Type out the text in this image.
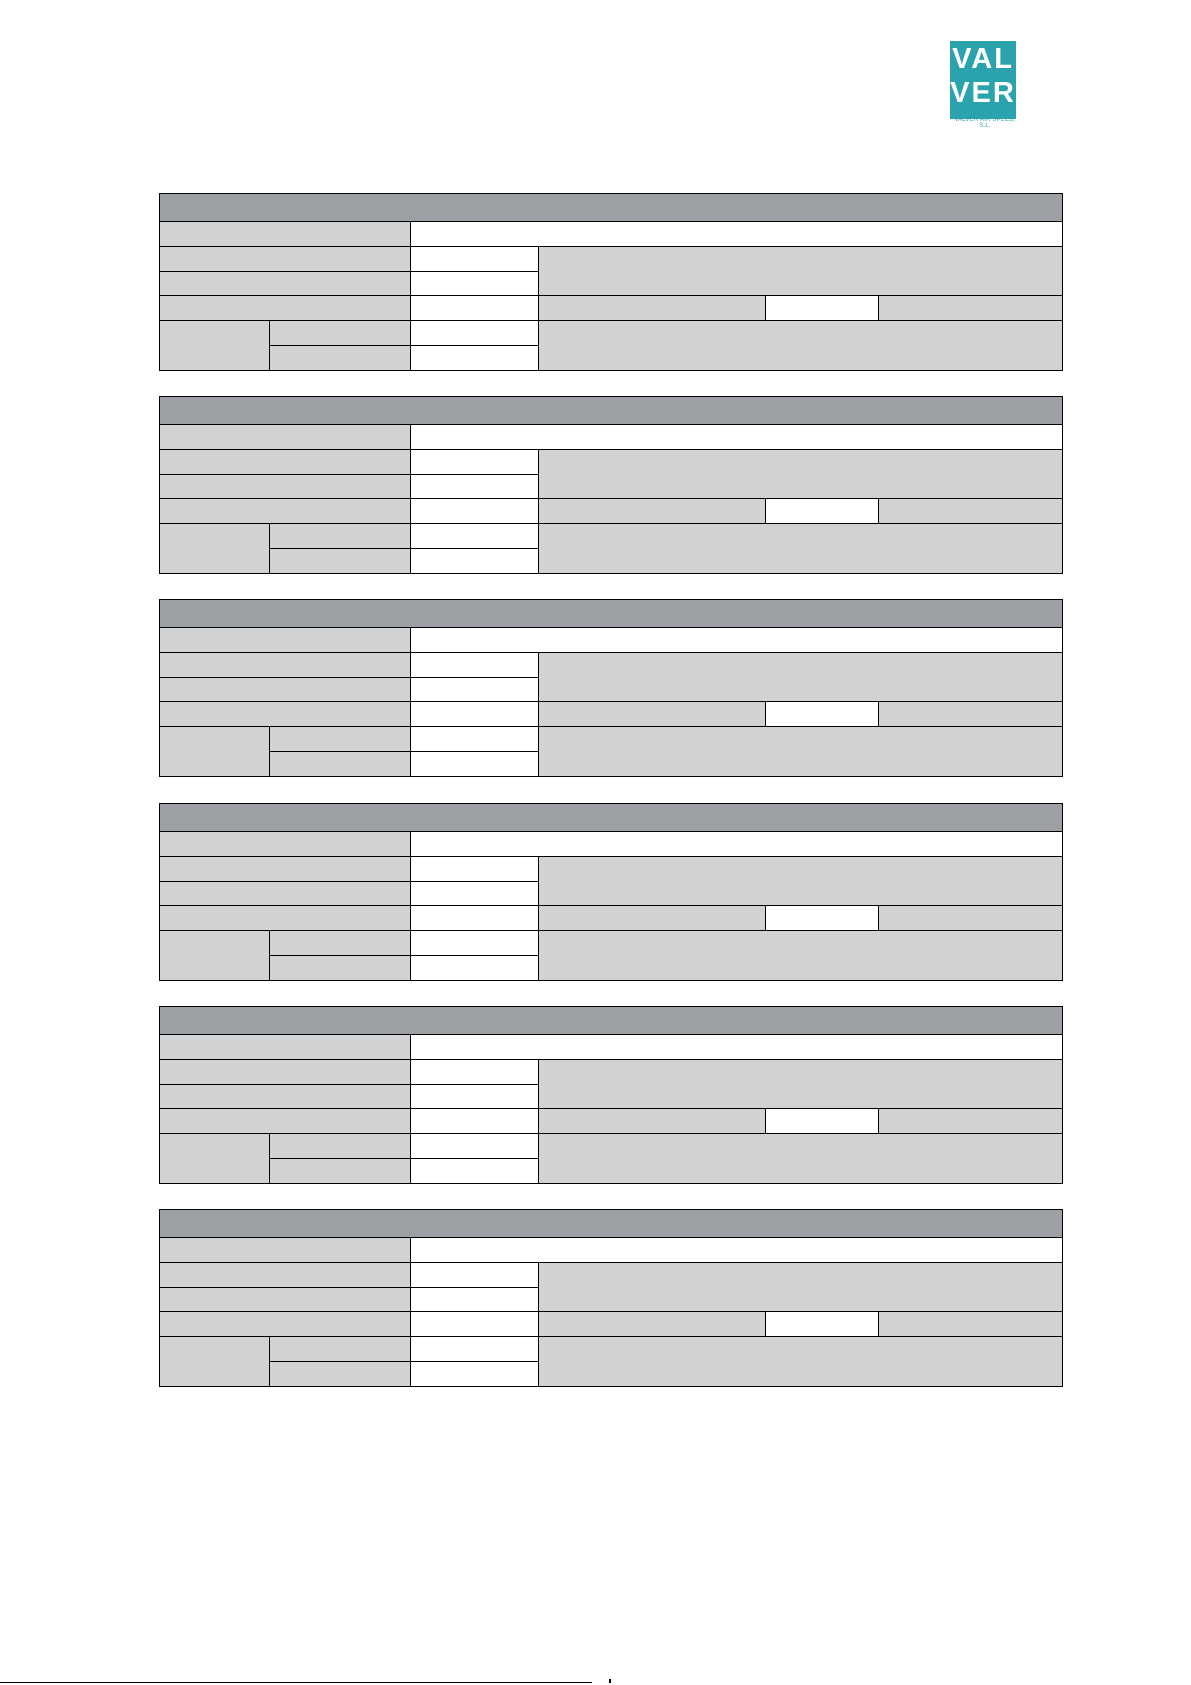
VAL
VER
VALVER AIR SPEED, S.L.
